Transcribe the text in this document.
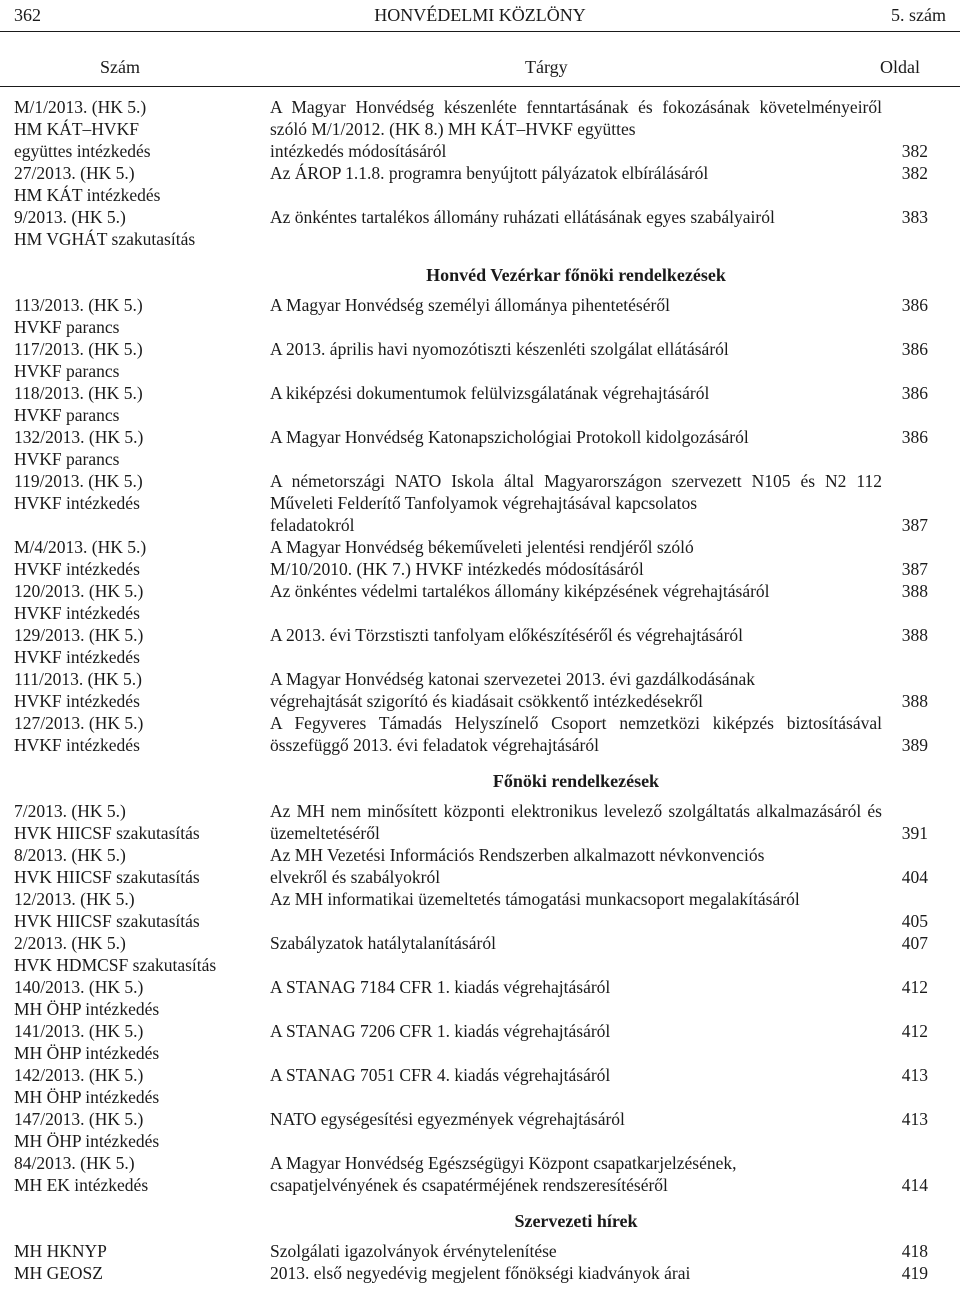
362	HONVÉDELMI KÖZLÖNY	5. szám
Szám	Tárgy	Oldal
M/1/2013. (HK 5.)
HM KÁT–HVKF
együttes intézkedés
A Magyar Honvédség készenléte fenntartásának és fokozásának követelményeiről szóló M/1/2012. (HK 8.) MH KÁT–HVKF együttes
intézkedés módosításáról	382
27/2013. (HK 5.)
HM KÁT intézkedés
Az ÁROP 1.1.8. programra benyújtott pályázatok elbírálásáról	382
9/2013. (HK 5.)
HM VGHÁT szakutasítás
Az önkéntes tartalékos állomány ruházati ellátásának egyes szabályairól	383
Honvéd Vezérkar főnöki rendelkezések
113/2013. (HK 5.)
HVKF parancs
A Magyar Honvédség személyi állománya pihentetéséről	386
117/2013. (HK 5.)
HVKF parancs
A 2013. április havi nyomozótiszti készenléti szolgálat ellátásáról	386
118/2013. (HK 5.)
HVKF parancs
A kiképzési dokumentumok felülvizsgálatának végrehajtásáról	386
132/2013. (HK 5.)
HVKF parancs
A Magyar Honvédség Katonapszichológiai Protokoll kidolgozásáról	386
119/2013. (HK 5.)
HVKF intézkedés
A németországi NATO Iskola által Magyarországon szervezett N105 és N2 112 Műveleti Felderítő Tanfolyamok végrehajtásával kapcsolatos
feladatokról	387
M/4/2013. (HK 5.)
HVKF intézkedés
A Magyar Honvédség békeműveleti jelentési rendjéről szóló
M/10/2010. (HK 7.) HVKF intézkedés módosításáról	387
120/2013. (HK 5.)
HVKF intézkedés
Az önkéntes védelmi tartalékos állomány kiképzésének végrehajtásáról	388
129/2013. (HK 5.)
HVKF intézkedés
A 2013. évi Törzstiszti tanfolyam előkészítéséről és végrehajtásáról	388
111/2013. (HK 5.)
HVKF intézkedés
A Magyar Honvédség katonai szervezetei 2013. évi gazdálkodásának
végrehajtását szigorító és kiadásait csökkentő intézkedésekről	388
127/2013. (HK 5.)
HVKF intézkedés
A Fegyveres Támadás Helyszínelő Csoport nemzetközi kiképzés biztosításával összefüggő 2013. évi feladatok végrehajtásáról	389
Főnöki rendelkezések
7/2013. (HK 5.)
HVK HIICSF szakutasítás
Az MH nem minősített központi elektronikus levelező szolgáltatás alkalmazásáról és üzemeltetéséről	391
8/2013. (HK 5.)
HVK HIICSF szakutasítás
Az MH Vezetési Információs Rendszerben alkalmazott névkonvenciós
elvekről és szabályokról	404
12/2013. (HK 5.)
HVK HIICSF szakutasítás
Az MH informatikai üzemeltetés támogatási munkacsoport megalakításáról
405
2/2013. (HK 5.)
HVK HDMCSF szakutasítás
Szabályzatok hatálytalanításáról	407
140/2013. (HK 5.)
MH ÖHP intézkedés
A STANAG 7184 CFR 1. kiadás végrehajtásáról	412
141/2013. (HK 5.)
MH ÖHP intézkedés
A STANAG 7206 CFR 1. kiadás végrehajtásáról	412
142/2013. (HK 5.)
MH ÖHP intézkedés
A STANAG 7051 CFR 4. kiadás végrehajtásáról	413
147/2013. (HK 5.)
MH ÖHP intézkedés
NATO egységesítési egyezmények végrehajtásáról	413
84/2013. (HK 5.)
MH EK intézkedés
A Magyar Honvédség Egészségügyi Központ csapatkarjelzésének,
csapatjelvényének és csapatérméjének rendszeresítéséről	414
Szervezeti hírek
MH HKNYP	Szolgálati igazolványok érvénytelenítése	418
MH GEOSZ	2013. első negyedévig megjelent főnökségi kiadványok árai	419
